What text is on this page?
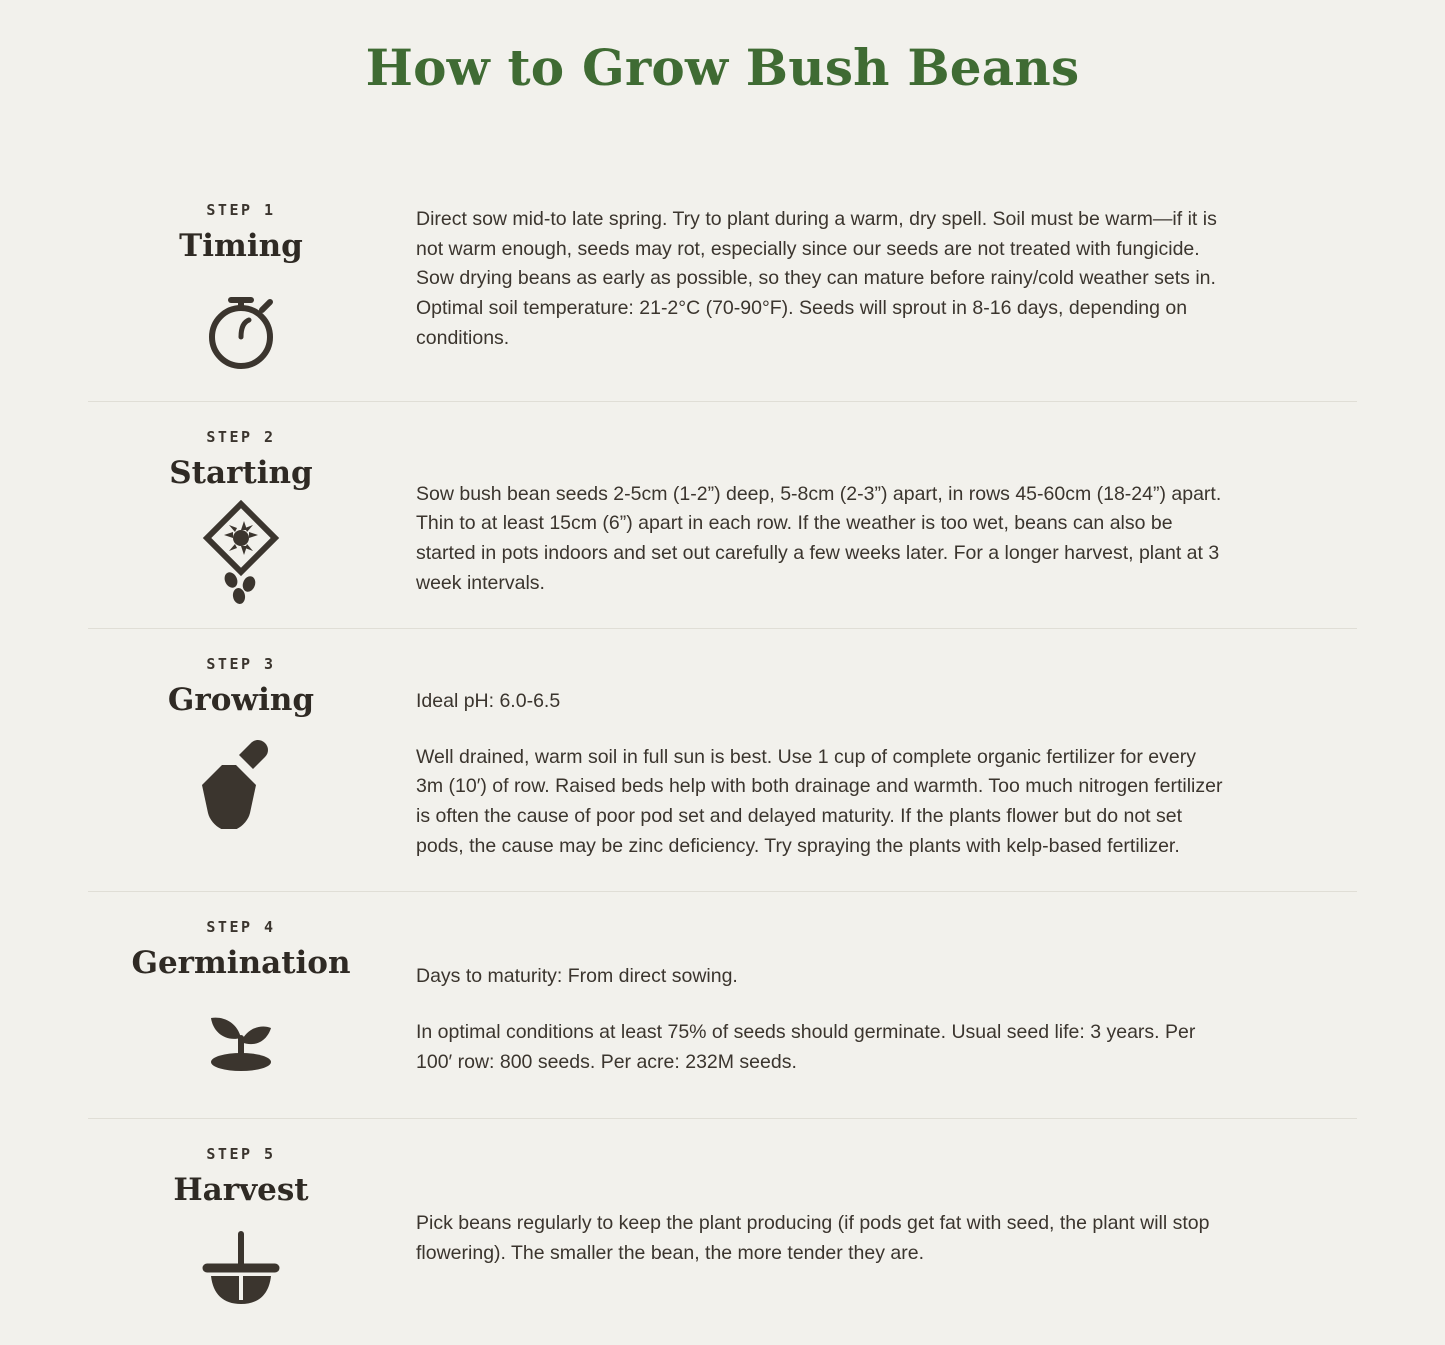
How to Grow Bush Beans
STEP 1
Timing

Direct sow mid-to late spring. Try to plant during a warm, dry spell. Soil must be warm—if it is not warm enough, seeds may rot, especially since our seeds are not treated with fungicide. Sow drying beans as early as possible, so they can mature before rainy/cold weather sets in. Optimal soil temperature: 21-2°C (70-90°F). Seeds will sprout in 8-16 days, depending on conditions.

STEP 2
Starting

Sow bush bean seeds 2-5cm (1-2”) deep, 5-8cm (2-3”) apart, in rows 45-60cm (18-24”) apart. Thin to at least 15cm (6”) apart in each row. If the weather is too wet, beans can also be started in pots indoors and set out carefully a few weeks later. For a longer harvest, plant at 3 week intervals.

STEP 3
Growing	Ideal pH: 6.0-6.5

Well drained, warm soil in full sun is best. Use 1 cup of complete organic fertilizer for every 3m (10′) of row. Raised beds help with both drainage and warmth. Too much nitrogen fertilizer is often the cause of poor pod set and delayed maturity. If the plants flower but do not set pods, the cause may be zinc deficiency. Try spraying the plants with kelp-based fertilizer.

STEP 4
Germination	Days to maturity: From direct sowing.

In optimal conditions at least 75% of seeds should germinate. Usual seed life: 3 years. Per 100′ row: 800 seeds. Per acre: 232M seeds.

STEP 5
Harvest

Pick beans regularly to keep the plant producing (if pods get fat with seed, the plant will stop flowering). The smaller the bean, the more tender they are.
